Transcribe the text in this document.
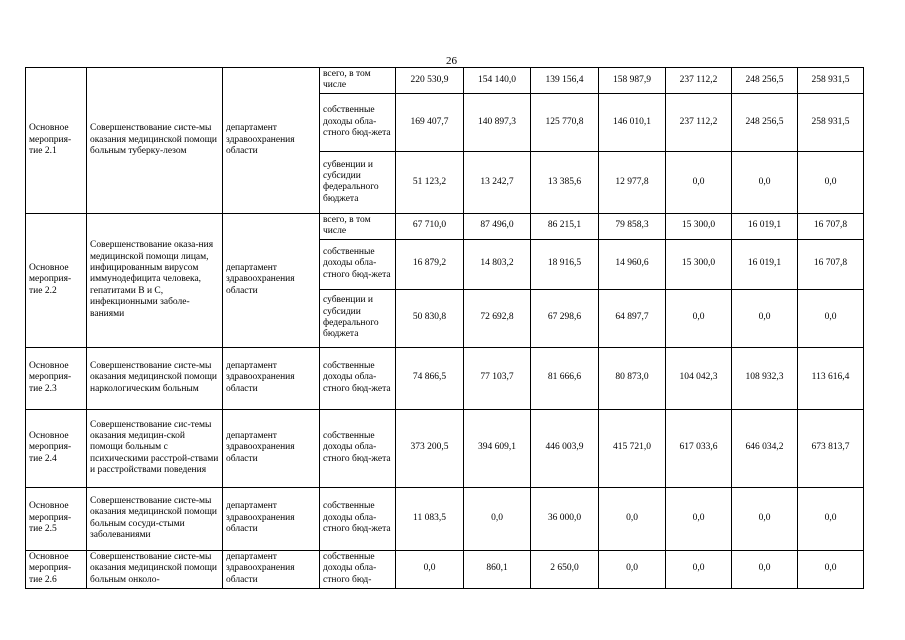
26
Основное мероприя-тие 2.1	Совершенствование систе-мы оказания медицинской помощи больным туберку-лезом	департамент здравоохранения области	всего, в том числе	220 530,9	154 140,0	139 156,4	158 987,9	237 112,2	248 256,5	258 931,5
			собственные доходы обла-стного бюд-жета	169 407,7	140 897,3	125 770,8	146 010,1	237 112,2	248 256,5	258 931,5
			субвенции и субсидии федерального бюджета	51 123,2	13 242,7	13 385,6	12 977,8	0,0	0,0	0,0
Основное мероприя-тие 2.2	Совершенствование оказа-ния медицинской помощи лицам, инфицированным вирусом иммунодефицита человека, гепатитами B и C, инфекционными заболе-ваниями	департамент здравоохранения области	всего, в том числе	67 710,0	87 496,0	86 215,1	79 858,3	15 300,0	16 019,1	16 707,8
			собственные доходы обла-стного бюд-жета	16 879,2	14 803,2	18 916,5	14 960,6	15 300,0	16 019,1	16 707,8
			субвенции и субсидии федерального бюджета	50 830,8	72 692,8	67 298,6	64 897,7	0,0	0,0	0,0
Основное мероприя-тие 2.3	Совершенствование систе-мы оказания медицинской помощи наркологическим больным	департамент здравоохранения области	собственные доходы обла-стного бюд-жета	74 866,5	77 103,7	81 666,6	80 873,0	104 042,3	108 932,3	113 616,4
Основное мероприя-тие 2.4	Совершенствование сис-темы оказания медицин-ской помощи больным с психическими расстрой-ствами и расстройствами поведения	департамент здравоохранения области	собственные доходы обла-стного бюд-жета	373 200,5	394 609,1	446 003,9	415 721,0	617 033,6	646 034,2	673 813,7
Основное мероприя-тие 2.5	Совершенствование систе-мы оказания медицинской помощи больным сосуди-стыми заболеваниями	департамент здравоохранения области	собственные доходы обла-стного бюд-жета	11 083,5	0,0	36 000,0	0,0	0,0	0,0	0,0
Основное мероприя-тие 2.6	Совершенствование систе-мы оказания медицинской помощи больным онколо-	департамент здравоохранения области	собственные доходы обла-стного бюд-	0,0	860,1	2 650,0	0,0	0,0	0,0	0,0
